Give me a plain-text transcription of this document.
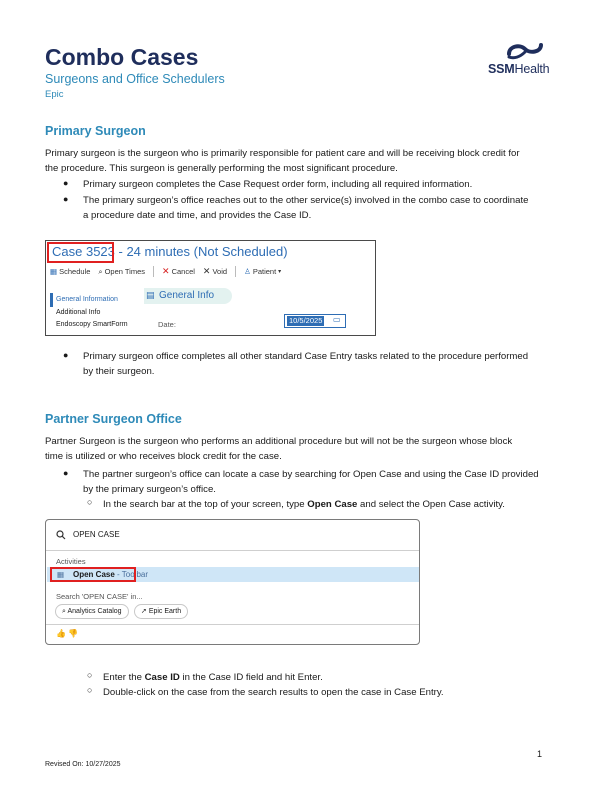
Combo Cases
Surgeons and Office Schedulers
Epic
SSMHealth
Primary Surgeon
Primary surgeon is the surgeon who is primarily responsible for patient care and will be receiving block credit for
the procedure. This surgeon is generally performing the most significant procedure.
● Primary surgeon completes the Case Request order form, including all required information.
● The primary surgeon’s office reaches out to the other service(s) involved in the combo case to coordinate
a procedure date and time, and provides the Case ID.
Case 3523 - 24 minutes (Not Scheduled)
▦ Schedule ⌕ Open Times ✕ Cancel ✕ Void ♙ Patient ▾
General Information
Additional Info
Endoscopy SmartForm
▤ General Info
Date:	10/5/2025 ▭
● Primary surgeon office completes all other standard Case Entry tasks related to the procedure performed
by their surgeon.
Partner Surgeon Office
Partner Surgeon is the surgeon who performs an additional procedure but will not be the surgeon whose block
time is utilized or who receives block credit for the case.
● The partner surgeon’s office can locate a case by searching for Open Case and using the Case ID provided
by the primary surgeon’s office.
○ In the search bar at the top of your screen, type Open Case and select the Open Case activity.
OPEN CASE
Activities
▦ Open Case - Toolbar
Search 'OPEN CASE' in...
⌕ Analytics Catalog	➚ Epic Earth
👍 👎
○ Enter the Case ID in the Case ID field and hit Enter.
○ Double-click on the case from the search results to open the case in Case Entry.
1
Revised On: 10/27/2025
